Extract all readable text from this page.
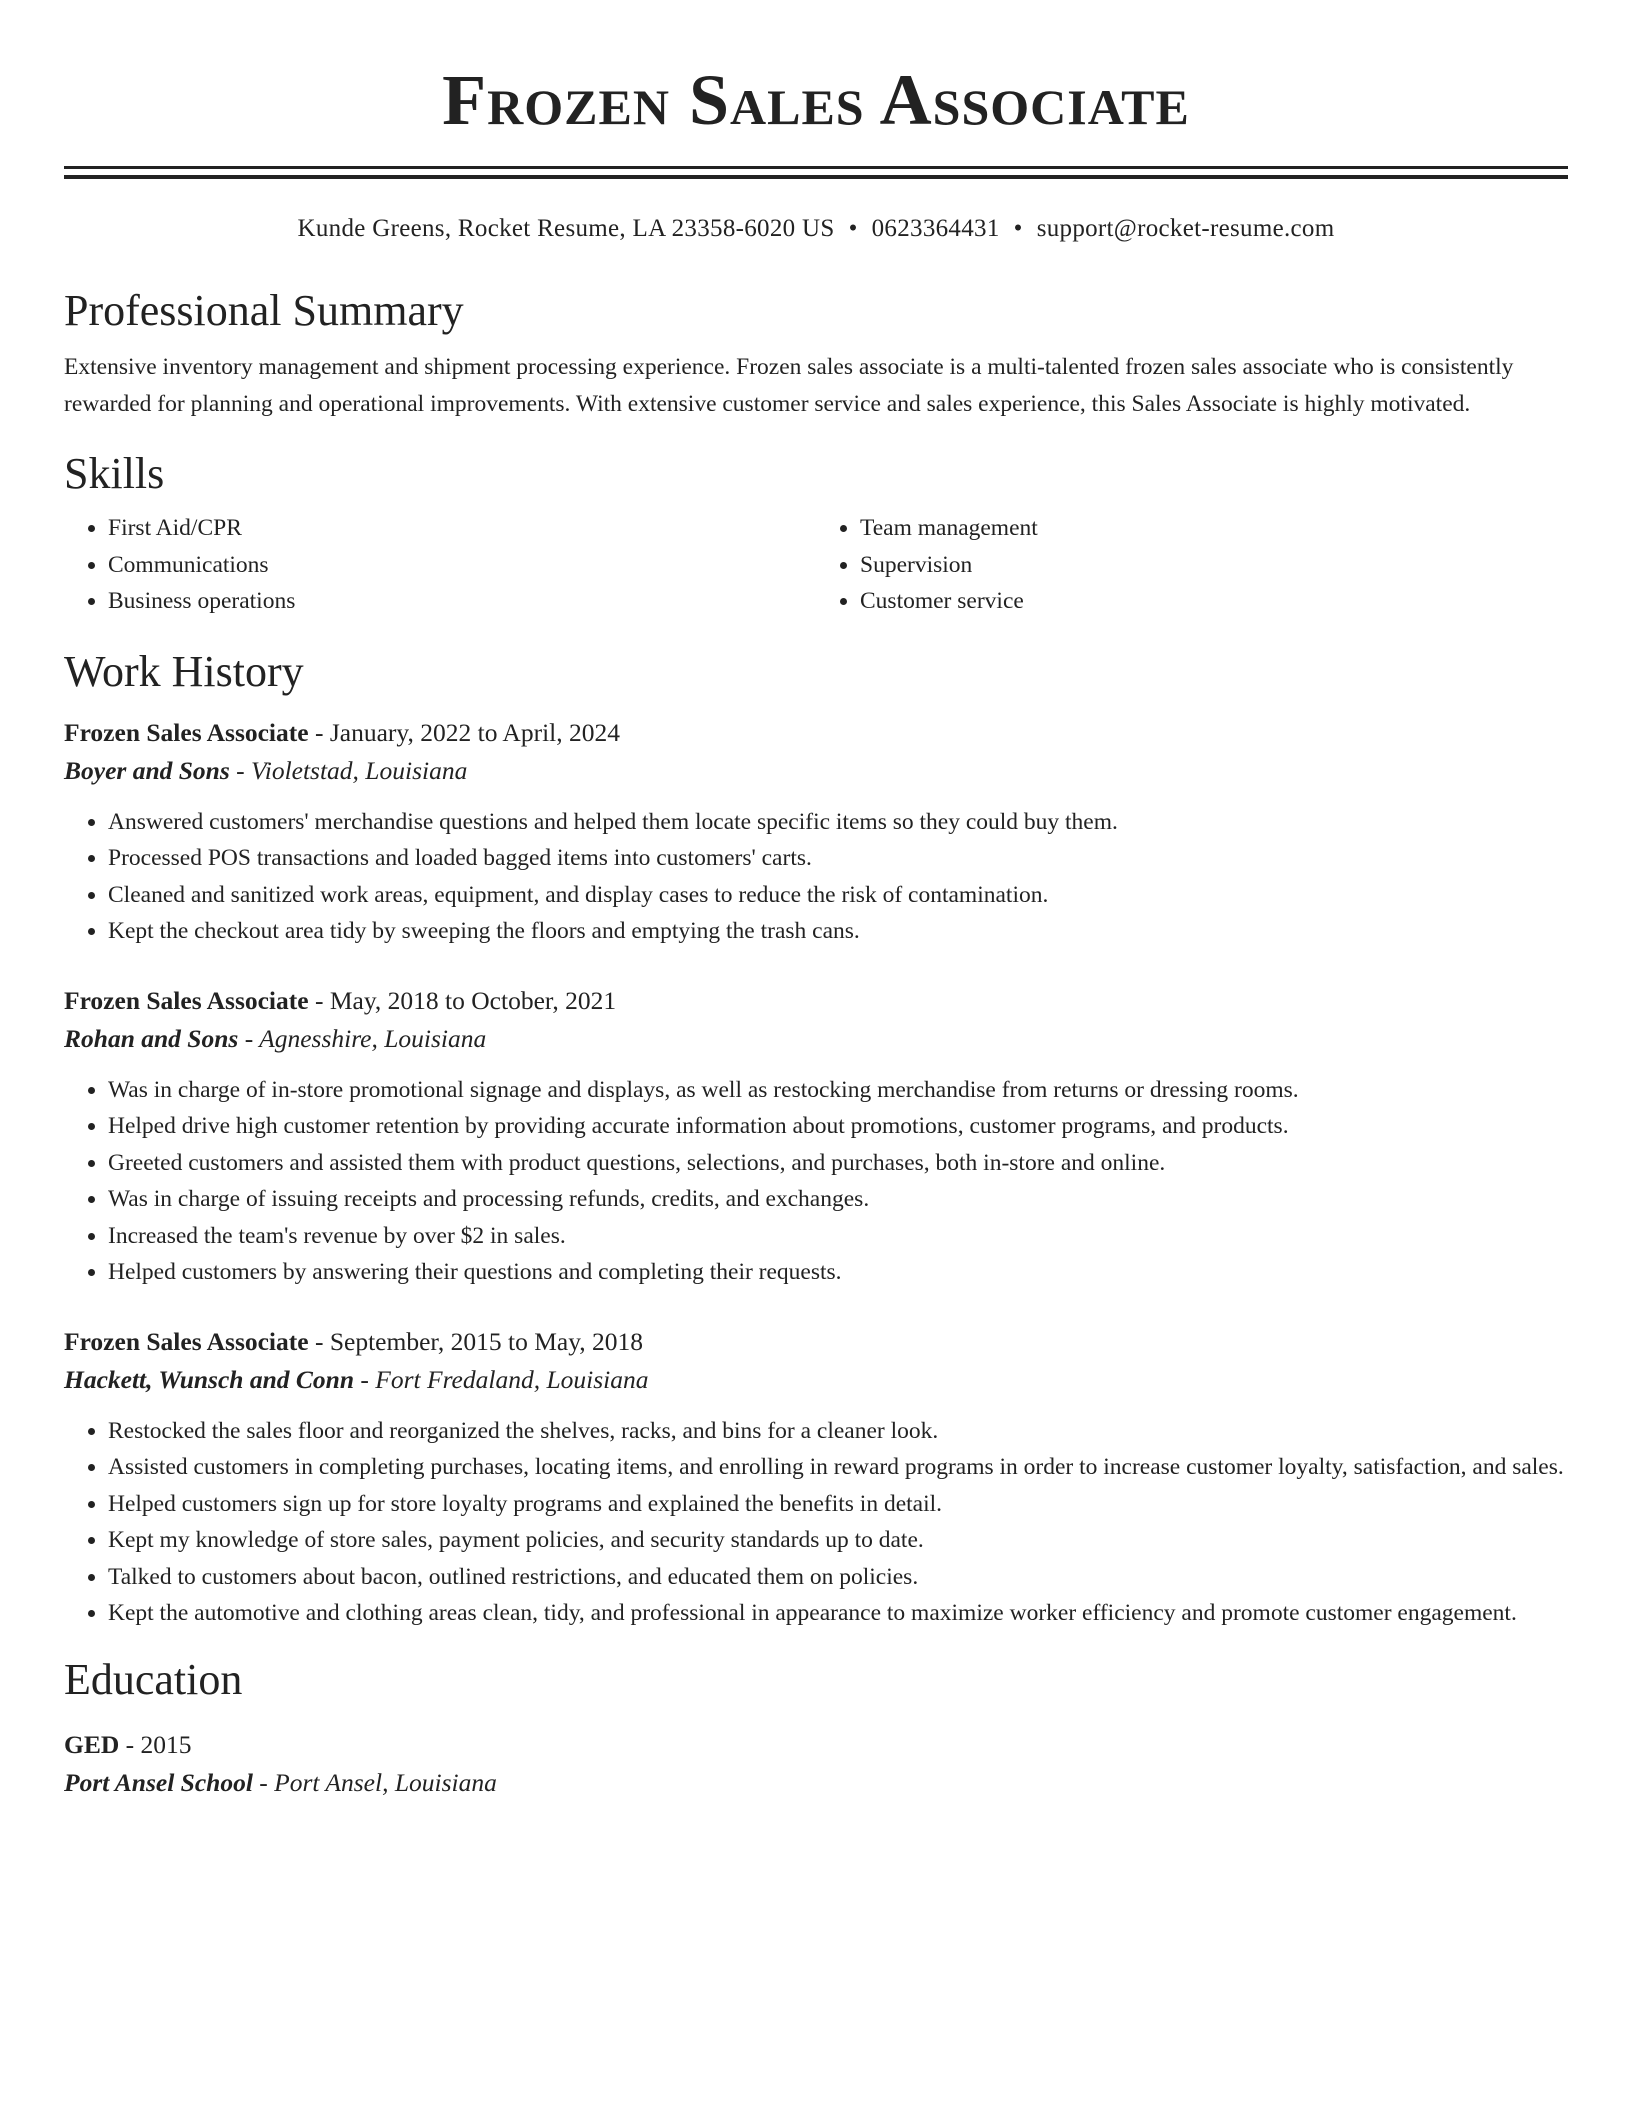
Frozen Sales Associate
Kunde Greens, Rocket Resume, LA 23358-6020 US • 0623364431 • support@rocket-resume.com
Professional Summary
Extensive inventory management and shipment processing experience. Frozen sales associate is a multi-talented frozen sales associate who is consistently rewarded for planning and operational improvements. With extensive customer service and sales experience, this Sales Associate is highly motivated.
Skills
• First Aid/CPR
• Communications
• Business operations
• Team management
• Supervision
• Customer service
Work History
Frozen Sales Associate - January, 2022 to April, 2024
Boyer and Sons - Violetstad, Louisiana
• Answered customers' merchandise questions and helped them locate specific items so they could buy them.
• Processed POS transactions and loaded bagged items into customers' carts.
• Cleaned and sanitized work areas, equipment, and display cases to reduce the risk of contamination.
• Kept the checkout area tidy by sweeping the floors and emptying the trash cans.
Frozen Sales Associate - May, 2018 to October, 2021
Rohan and Sons - Agnesshire, Louisiana
• Was in charge of in-store promotional signage and displays, as well as restocking merchandise from returns or dressing rooms.
• Helped drive high customer retention by providing accurate information about promotions, customer programs, and products.
• Greeted customers and assisted them with product questions, selections, and purchases, both in-store and online.
• Was in charge of issuing receipts and processing refunds, credits, and exchanges.
• Increased the team's revenue by over $2 in sales.
• Helped customers by answering their questions and completing their requests.
Frozen Sales Associate - September, 2015 to May, 2018
Hackett, Wunsch and Conn - Fort Fredaland, Louisiana
• Restocked the sales floor and reorganized the shelves, racks, and bins for a cleaner look.
• Assisted customers in completing purchases, locating items, and enrolling in reward programs in order to increase customer loyalty, satisfaction, and sales.
• Helped customers sign up for store loyalty programs and explained the benefits in detail.
• Kept my knowledge of store sales, payment policies, and security standards up to date.
• Talked to customers about bacon, outlined restrictions, and educated them on policies.
• Kept the automotive and clothing areas clean, tidy, and professional in appearance to maximize worker efficiency and promote customer engagement.
Education
GED - 2015
Port Ansel School - Port Ansel, Louisiana
